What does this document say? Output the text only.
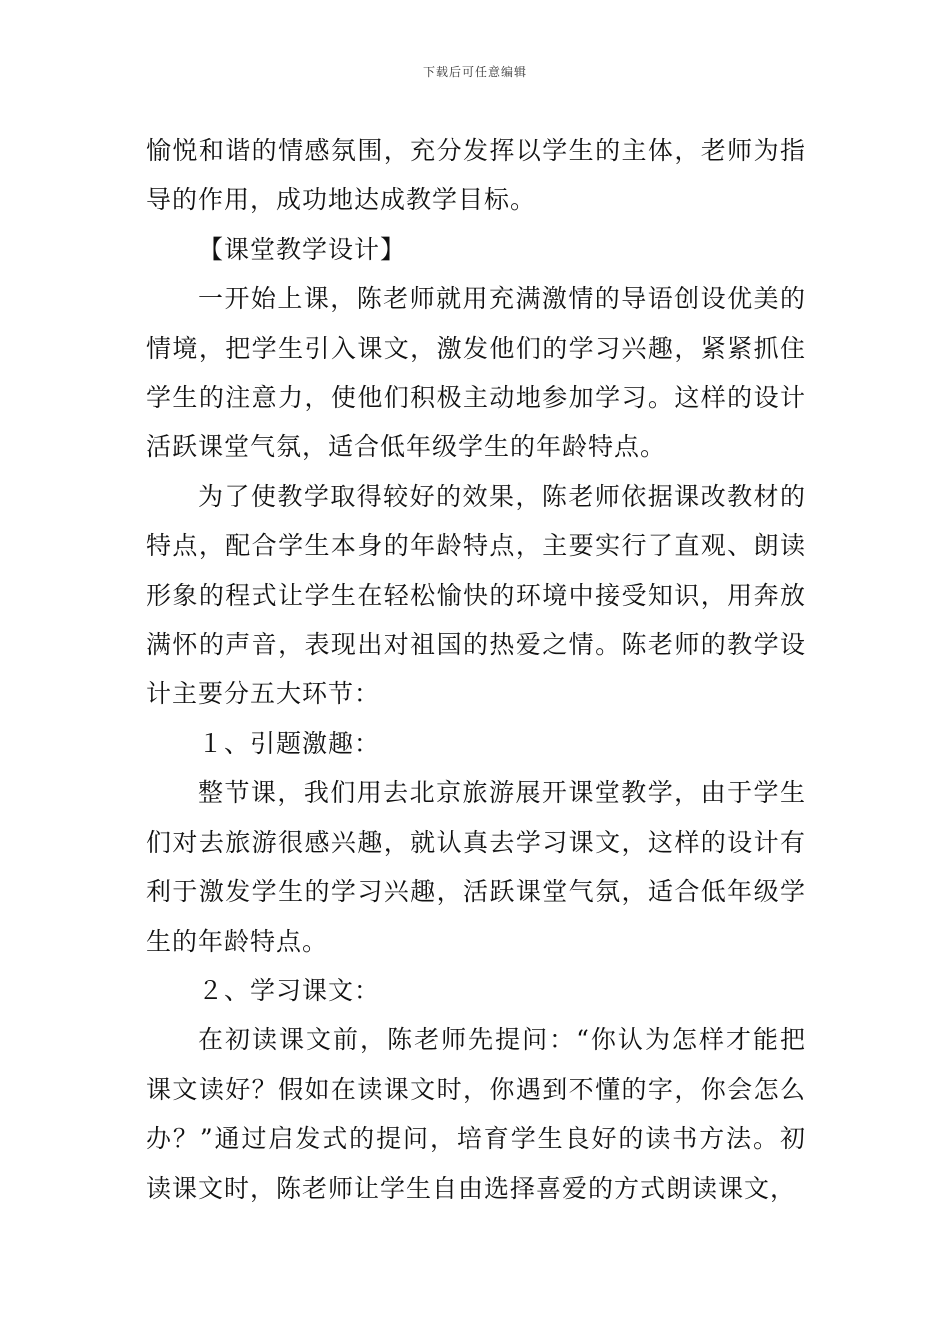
下载后可任意编辑

愉悦和谐的情感氛围，充分发挥以学生的主体，老师为指导的作用，成功地达成教学目标。

【课堂教学设计】

一开始上课，陈老师就用充满激情的导语创设优美的情境，把学生引入课文，激发他们的学习兴趣，紧紧抓住学生的注意力，使他们积极主动地参加学习。这样的设计活跃课堂气氛，适合低年级学生的年龄特点。

为了使教学取得较好的效果，陈老师依据课改教材的特点，配合学生本身的年龄特点，主要实行了直观、朗读形象的程式让学生在轻松愉快的环境中接受知识，用奔放满怀的声音，表现出对祖国的热爱之情。陈老师的教学设计主要分五大环节：

１、引题激趣：

整节课，我们用去北京旅游展开课堂教学，由于学生们对去旅游很感兴趣，就认真去学习课文，这样的设计有利于激发学生的学习兴趣，活跃课堂气氛，适合低年级学生的年龄特点。

２、学习课文：

在初读课文前，陈老师先提问：“你认为怎样才能把课文读好？假如在读课文时，你遇到不懂的字，你会怎么办？”通过启发式的提问，培育学生良好的读书方法。初读课文时，陈老师让学生自由选择喜爱的方式朗读课文，
